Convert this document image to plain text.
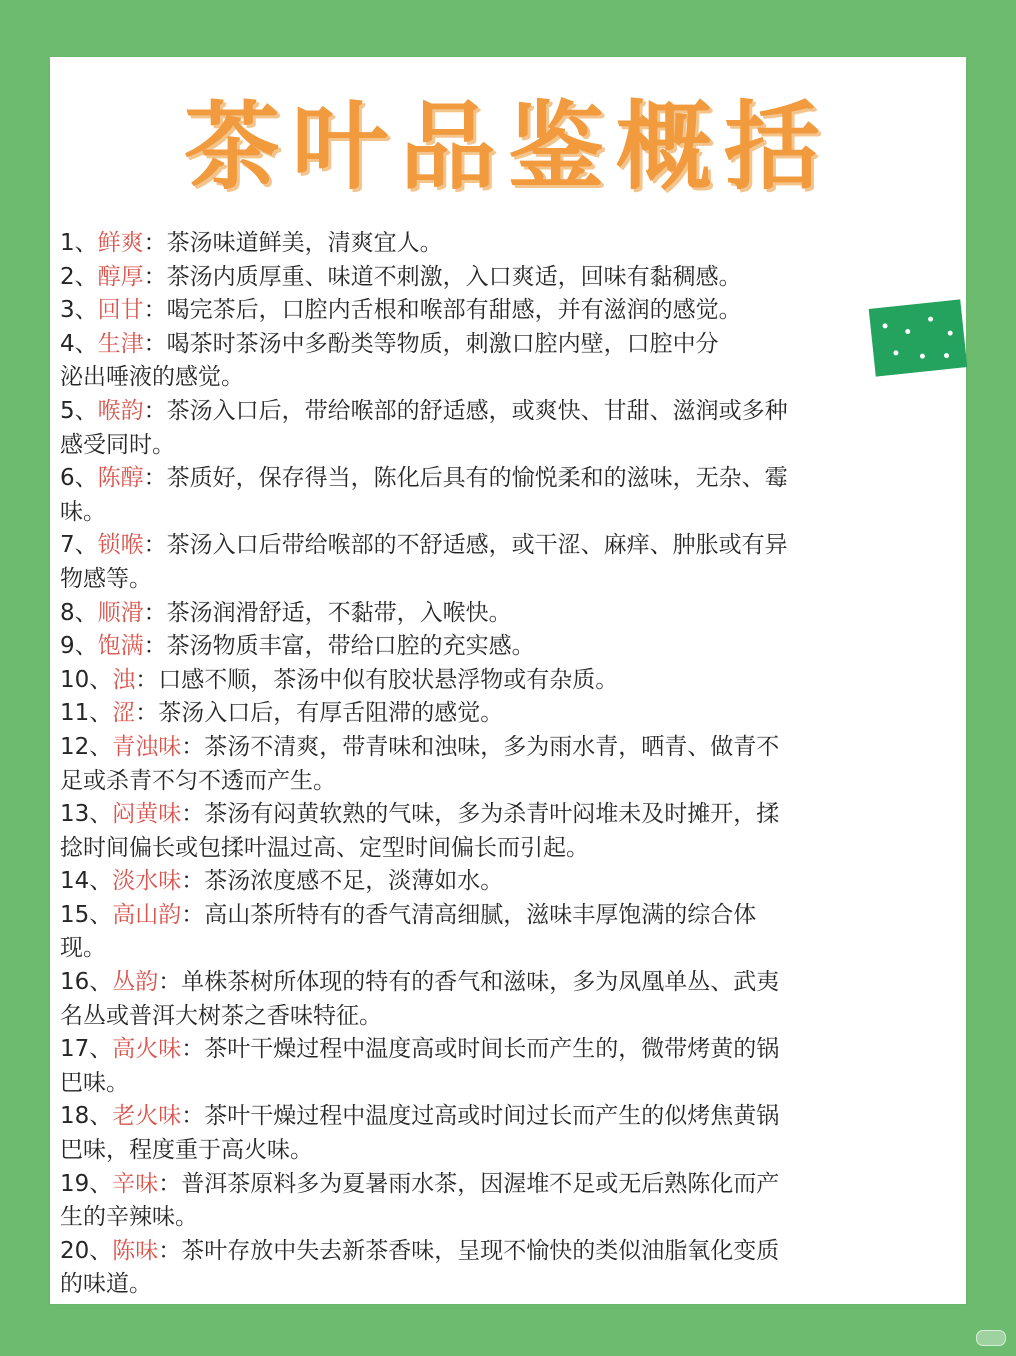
茶叶品鉴概括
1、鲜爽：茶汤味道鲜美，清爽宜人。
2、醇厚：茶汤内质厚重、味道不刺激，入口爽适，回味有黏稠感。
3、回甘：喝完茶后，口腔内舌根和喉部有甜感，并有滋润的感觉。
4、生津：喝茶时茶汤中多酚类等物质，刺激口腔内壁，口腔中分
泌出唾液的感觉。
5、喉韵：茶汤入口后，带给喉部的舒适感，或爽快、甘甜、滋润或多种
感受同时。
6、陈醇：茶质好，保存得当，陈化后具有的愉悦柔和的滋味，无杂、霉
味。
7、锁喉：茶汤入口后带给喉部的不舒适感，或干涩、麻痒、肿胀或有异
物感等。
8、顺滑：茶汤润滑舒适，不黏带，入喉快。
9、饱满：茶汤物质丰富，带给口腔的充实感。
10、浊：口感不顺，茶汤中似有胶状悬浮物或有杂质。
11、涩：茶汤入口后，有厚舌阻滞的感觉。
12、青浊味：茶汤不清爽，带青味和浊味，多为雨水青，晒青、做青不
足或杀青不匀不透而产生。
13、闷黄味：茶汤有闷黄软熟的气味，多为杀青叶闷堆未及时摊开，揉
捻时间偏长或包揉叶温过高、定型时间偏长而引起。
14、淡水味：茶汤浓度感不足，淡薄如水。
15、高山韵：高山茶所特有的香气清高细腻，滋味丰厚饱满的综合体
现。
16、丛韵：单株茶树所体现的特有的香气和滋味，多为凤凰单丛、武夷
名丛或普洱大树茶之香味特征。
17、高火味：茶叶干燥过程中温度高或时间长而产生的，微带烤黄的锅
巴味。
18、老火味：茶叶干燥过程中温度过高或时间过长而产生的似烤焦黄锅
巴味，程度重于高火味。
19、辛味：普洱茶原料多为夏暑雨水茶，因渥堆不足或无后熟陈化而产
生的辛辣味。
20、陈味：茶叶存放中失去新茶香味，呈现不愉快的类似油脂氧化变质
的味道。
